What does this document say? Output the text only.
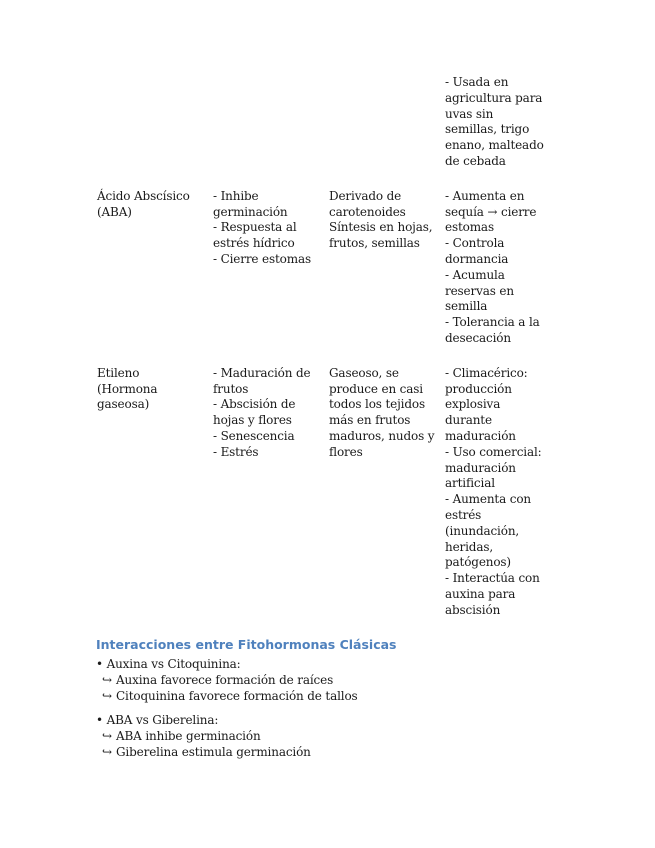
			- Usada en agricultura para uvas sin semillas, trigo enano, malteado de cebada

Ácido Abscísico (ABA)	- Inhibe germinación
- Respuesta al estrés hídrico
- Cierre estomas	Derivado de carotenoides
Síntesis en hojas, frutos, semillas	- Aumenta en sequía → cierre estomas
- Controla dormancia
- Acumula reservas en semilla
- Tolerancia a la desecación

Etileno (Hormona gaseosa)	- Maduración de frutos
- Abscisión de hojas y flores
- Senescencia
- Estrés	Gaseoso, se produce en casi todos los tejidos más en frutos maduros, nudos y flores	- Climacérico: producción explosiva durante maduración
- Uso comercial: maduración artificial
- Aumenta con estrés (inundación, heridas, patógenos)
- Interactúa con auxina para abscisión
Interacciones entre Fitohormonas Clásicas
• Auxina vs Citoquinina:
↪ Auxina favorece formación de raíces
↪ Citoquinina favorece formación de tallos
• ABA vs Giberelina:
↪ ABA inhibe germinación
↪ Giberelina estimula germinación
